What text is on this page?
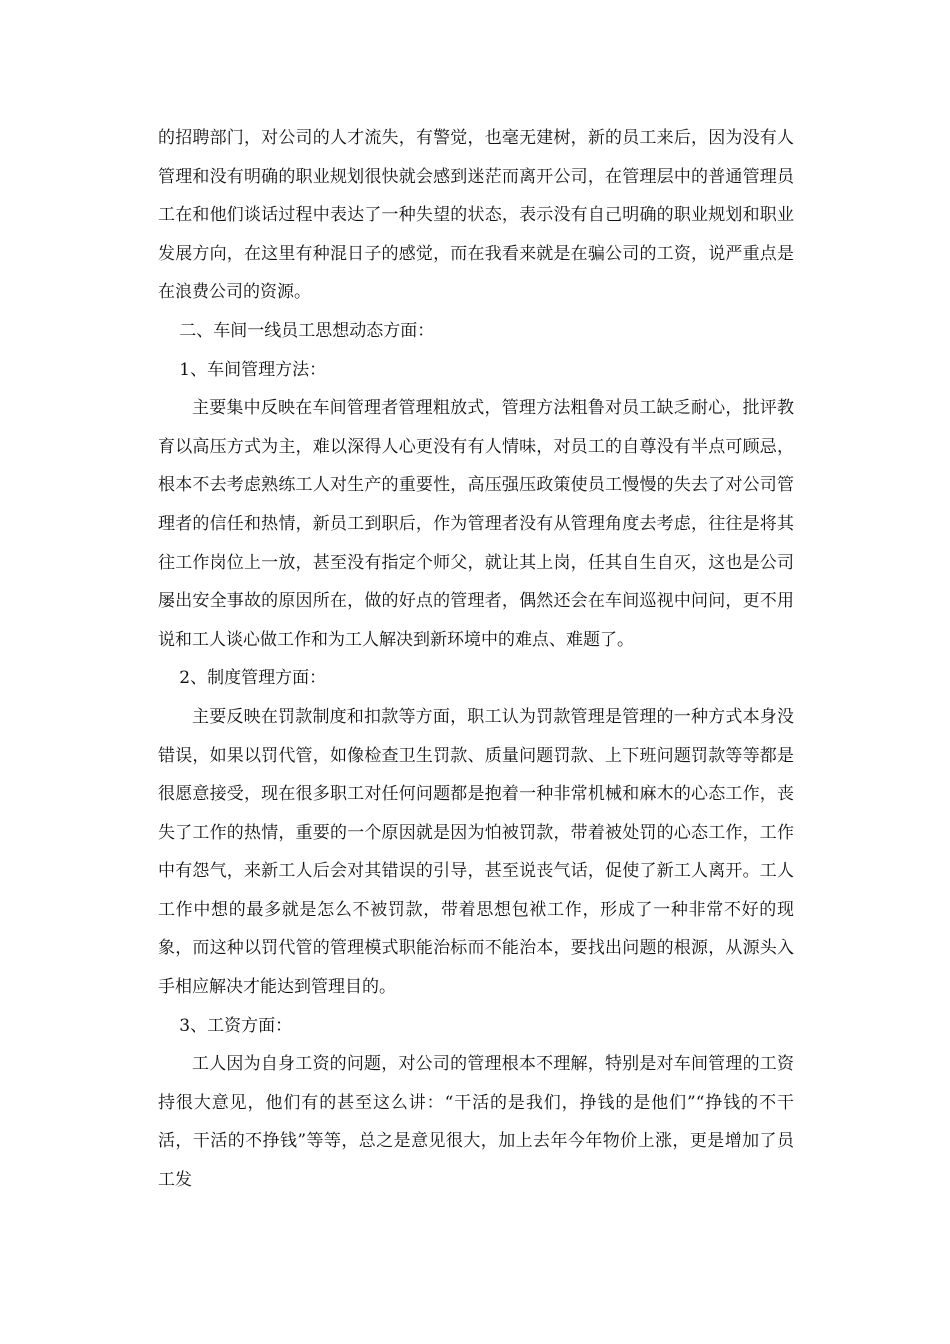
的招聘部门，对公司的人才流失，有警觉，也毫无建树，新的员工来后，因为没有人管理和没有明确的职业规划很快就会感到迷茫而离开公司，在管理层中的普通管理员工在和他们谈话过程中表达了一种失望的状态，表示没有自己明确的职业规划和职业发展方向，在这里有种混日子的感觉，而在我看来就是在骗公司的工资，说严重点是在浪费公司的资源。

二、车间一线员工思想动态方面：

1、车间管理方法：

主要集中反映在车间管理者管理粗放式，管理方法粗鲁对员工缺乏耐心，批评教育以高压方式为主，难以深得人心更没有有人情味，对员工的自尊没有半点可顾忌，根本不去考虑熟练工人对生产的重要性，高压强压政策使员工慢慢的失去了对公司管理者的信任和热情，新员工到职后，作为管理者没有从管理角度去考虑，往往是将其往工作岗位上一放，甚至没有指定个师父，就让其上岗，任其自生自灭，这也是公司屡出安全事故的原因所在，做的好点的管理者，偶然还会在车间巡视中问问，更不用说和工人谈心做工作和为工人解决到新环境中的难点、难题了。

2、制度管理方面：

主要反映在罚款制度和扣款等方面，职工认为罚款管理是管理的一种方式本身没错误，如果以罚代管，如像检查卫生罚款、质量问题罚款、上下班问题罚款等等都是很愿意接受，现在很多职工对任何问题都是抱着一种非常机械和麻木的心态工作，丧失了工作的热情，重要的一个原因就是因为怕被罚款，带着被处罚的心态工作，工作中有怨气，来新工人后会对其错误的引导，甚至说丧气话，促使了新工人离开。工人工作中想的最多就是怎么不被罚款，带着思想包袱工作，形成了一种非常不好的现象，而这种以罚代管的管理模式职能治标而不能治本，要找出问题的根源，从源头入手相应解决才能达到管理目的。

3、工资方面：

工人因为自身工资的问题，对公司的管理根本不理解，特别是对车间管理的工资持很大意见，他们有的甚至这么讲：“干活的是我们，挣钱的是他们”“挣钱的不干活，干活的不挣钱”等等，总之是意见很大，加上去年今年物价上涨，更是增加了员工发
